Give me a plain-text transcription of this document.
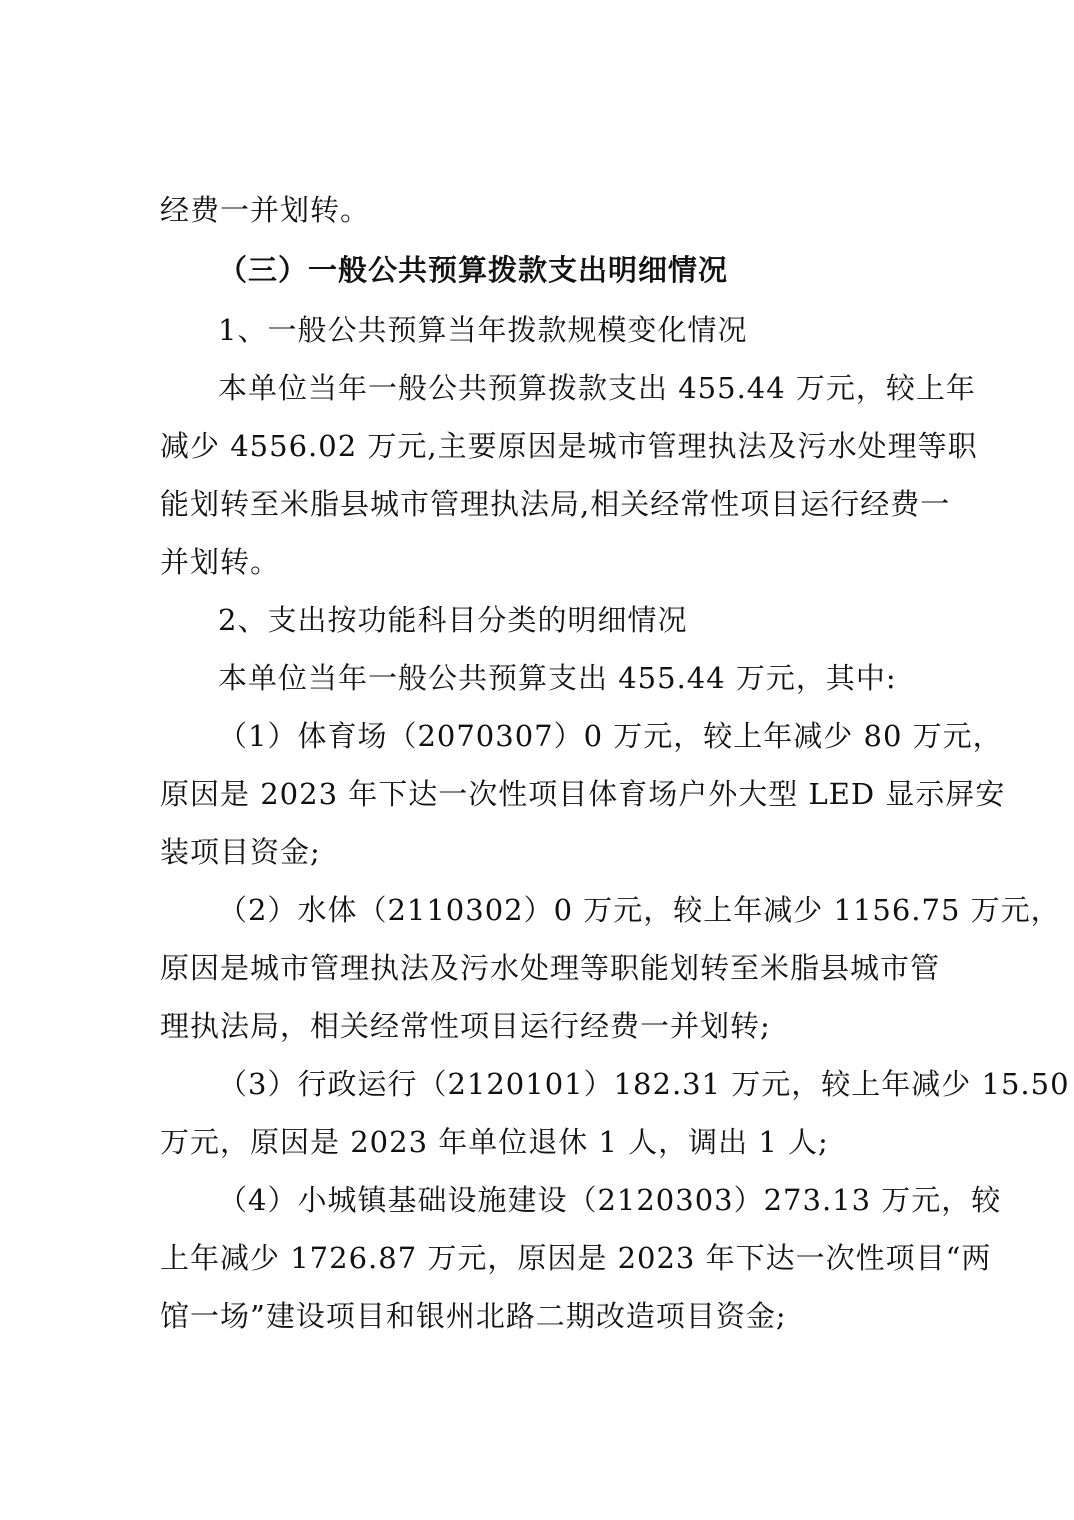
经费一并划转。
（三）一般公共预算拨款支出明细情况
1、一般公共预算当年拨款规模变化情况
本单位当年一般公共预算拨款支出 455.44 万元，较上年
减少 4556.02 万元,主要原因是城市管理执法及污水处理等职
能划转至米脂县城市管理执法局,相关经常性项目运行经费一
并划转。
2、支出按功能科目分类的明细情况
本单位当年一般公共预算支出 455.44 万元，其中:
（1）体育场（2070307）0 万元，较上年减少 80 万元，
原因是 2023 年下达一次性项目体育场户外大型 LED 显示屏安
装项目资金;
（2）水体（2110302）0 万元，较上年减少 1156.75 万元，
原因是城市管理执法及污水处理等职能划转至米脂县城市管
理执法局，相关经常性项目运行经费一并划转;
（3）行政运行（2120101）182.31 万元，较上年减少 15.50
万元，原因是 2023 年单位退休 1 人，调出 1 人;
（4）小城镇基础设施建设（2120303）273.13 万元，较
上年减少 1726.87 万元，原因是 2023 年下达一次性项目“两
馆一场”建设项目和银州北路二期改造项目资金;
